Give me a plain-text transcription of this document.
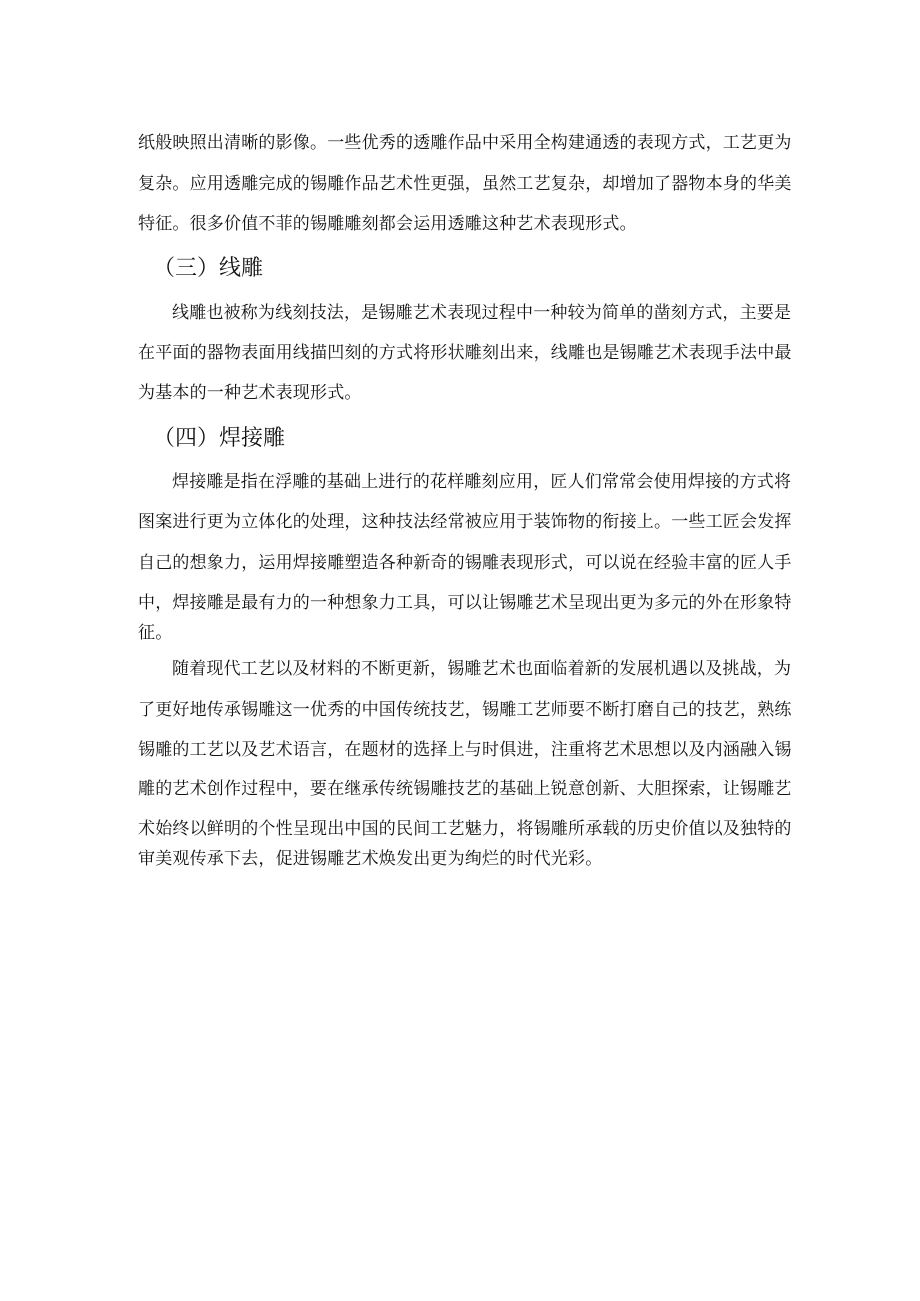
纸般映照出清晰的影像。一些优秀的透雕作品中采用全构建通透的表现方式，工艺更为
复杂。应用透雕完成的锡雕作品艺术性更强，虽然工艺复杂，却增加了器物本身的华美
特征。很多价值不菲的锡雕雕刻都会运用透雕这种艺术表现形式。
（三）线雕
线雕也被称为线刻技法，是锡雕艺术表现过程中一种较为简单的凿刻方式，主要是
在平面的器物表面用线描凹刻的方式将形状雕刻出来，线雕也是锡雕艺术表现手法中最
为基本的一种艺术表现形式。
（四）焊接雕
焊接雕是指在浮雕的基础上进行的花样雕刻应用，匠人们常常会使用焊接的方式将
图案进行更为立体化的处理，这种技法经常被应用于装饰物的衔接上。一些工匠会发挥
自己的想象力，运用焊接雕塑造各种新奇的锡雕表现形式，可以说在经验丰富的匠人手
中，焊接雕是最有力的一种想象力工具，可以让锡雕艺术呈现出更为多元的外在形象特
征。
随着现代工艺以及材料的不断更新，锡雕艺术也面临着新的发展机遇以及挑战，为
了更好地传承锡雕这一优秀的中国传统技艺，锡雕工艺师要不断打磨自己的技艺，熟练
锡雕的工艺以及艺术语言，在题材的选择上与时俱进，注重将艺术思想以及内涵融入锡
雕的艺术创作过程中，要在继承传统锡雕技艺的基础上锐意创新、大胆探索，让锡雕艺
术始终以鲜明的个性呈现出中国的民间工艺魅力，将锡雕所承载的历史价值以及独特的
审美观传承下去，促进锡雕艺术焕发出更为绚烂的时代光彩。
